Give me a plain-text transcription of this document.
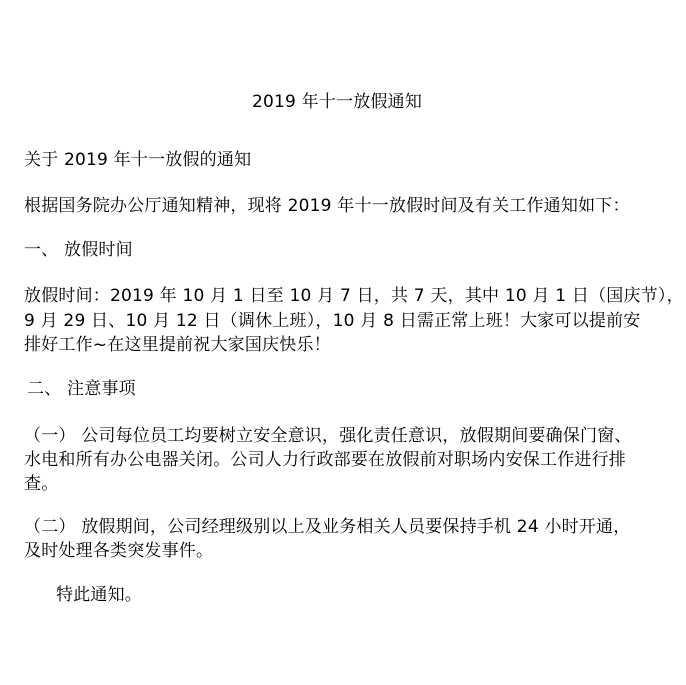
2019 年十一放假通知
关于 2019 年十一放假的通知
根据国务院办公厅通知精神，现将 2019 年十一放假时间及有关工作通知如下：
一、 放假时间
放假时间：2019 年 10 月 1 日至 10 月 7 日，共 7 天，其中 10 月 1 日（国庆节），
9 月 29 日、10 月 12 日（调休上班），10 月 8 日需正常上班！大家可以提前安
排好工作~在这里提前祝大家国庆快乐！
二、 注意事项
（一） 公司每位员工均要树立安全意识，强化责任意识，放假期间要确保门窗、
水电和所有办公电器关闭。公司人力行政部要在放假前对职场内安保工作进行排
查。
（二） 放假期间，公司经理级别以上及业务相关人员要保持手机 24 小时开通，
及时处理各类突发事件。
特此通知。
